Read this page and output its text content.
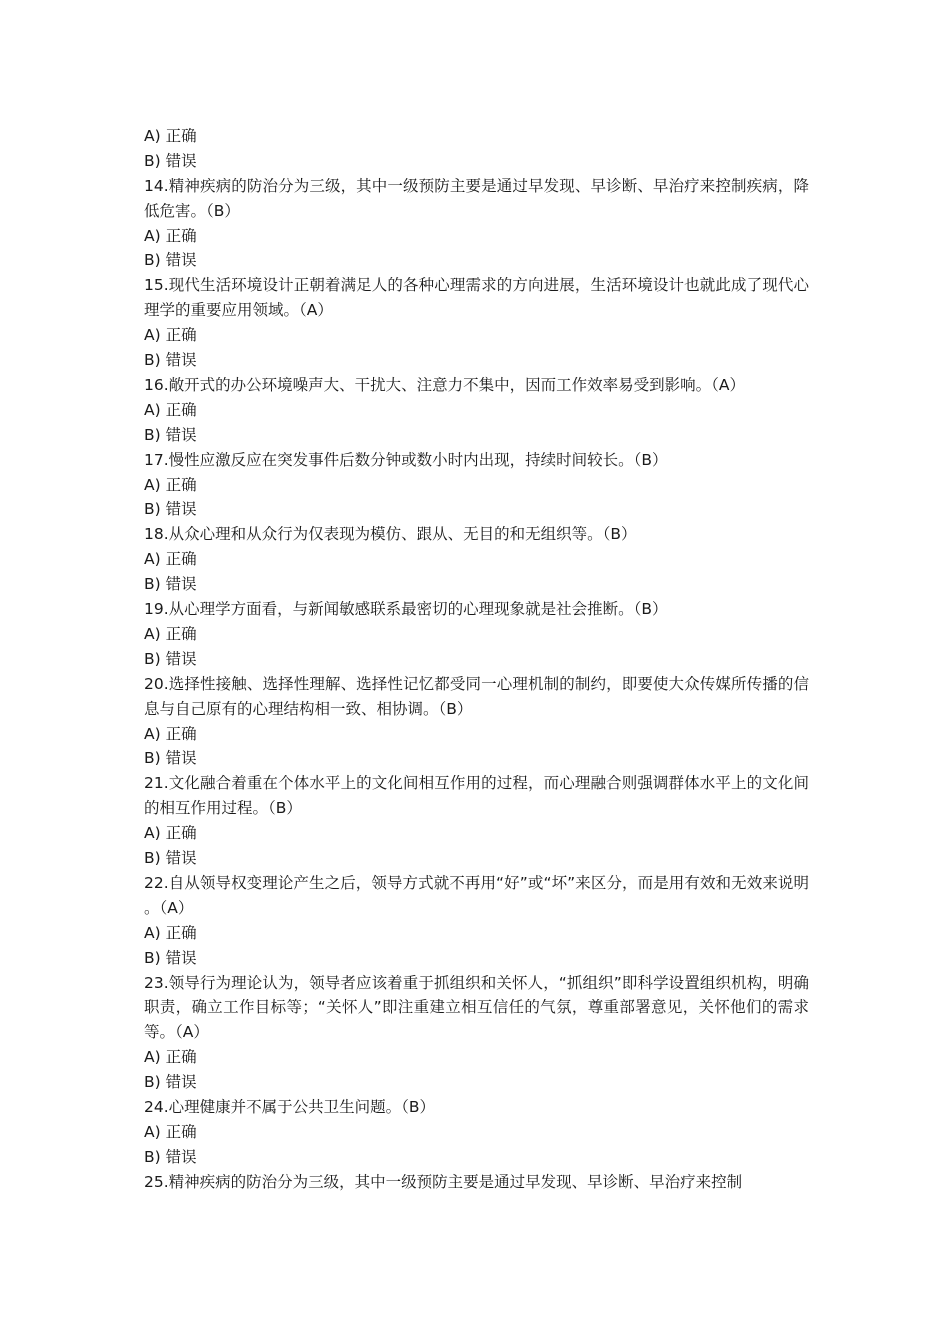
A) 正确
B) 错误
14.精神疾病的防治分为三级，其中一级预防主要是通过早发现、早诊断、早治疗来控制疾病，降低危害。（B）
A) 正确
B) 错误
15.现代生活环境设计正朝着满足人的各种心理需求的方向进展，生活环境设计也就此成了现代心理学的重要应用领域。（A）
A) 正确
B) 错误
16.敞开式的办公环境噪声大、干扰大、注意力不集中，因而工作效率易受到影响。（A）
A) 正确
B) 错误
17.慢性应激反应在突发事件后数分钟或数小时内出现，持续时间较长。（B）
A) 正确
B) 错误
18.从众心理和从众行为仅表现为模仿、跟从、无目的和无组织等。（B）
A) 正确
B) 错误
19.从心理学方面看，与新闻敏感联系最密切的心理现象就是社会推断。（B）
A) 正确
B) 错误
20.选择性接触、选择性理解、选择性记忆都受同一心理机制的制约，即要使大众传媒所传播的信息与自己原有的心理结构相一致、相协调。（B）
A) 正确
B) 错误
21.文化融合着重在个体水平上的文化间相互作用的过程，而心理融合则强调群体水平上的文化间的相互作用过程。（B）
A) 正确
B) 错误
22.自从领导权变理论产生之后，领导方式就不再用“好”或“坏”来区分，而是用有效和无效来说明。（A）
A) 正确
B) 错误
23.领导行为理论认为，领导者应该着重于抓组织和关怀人，“抓组织”即科学设置组织机构，明确职责，确立工作目标等；“关怀人”即注重建立相互信任的气氛，尊重部署意见，关怀他们的需求等。（A）
A) 正确
B) 错误
24.心理健康并不属于公共卫生问题。（B）
A) 正确
B) 错误
25.精神疾病的防治分为三级，其中一级预防主要是通过早发现、早诊断、早治疗来控制
